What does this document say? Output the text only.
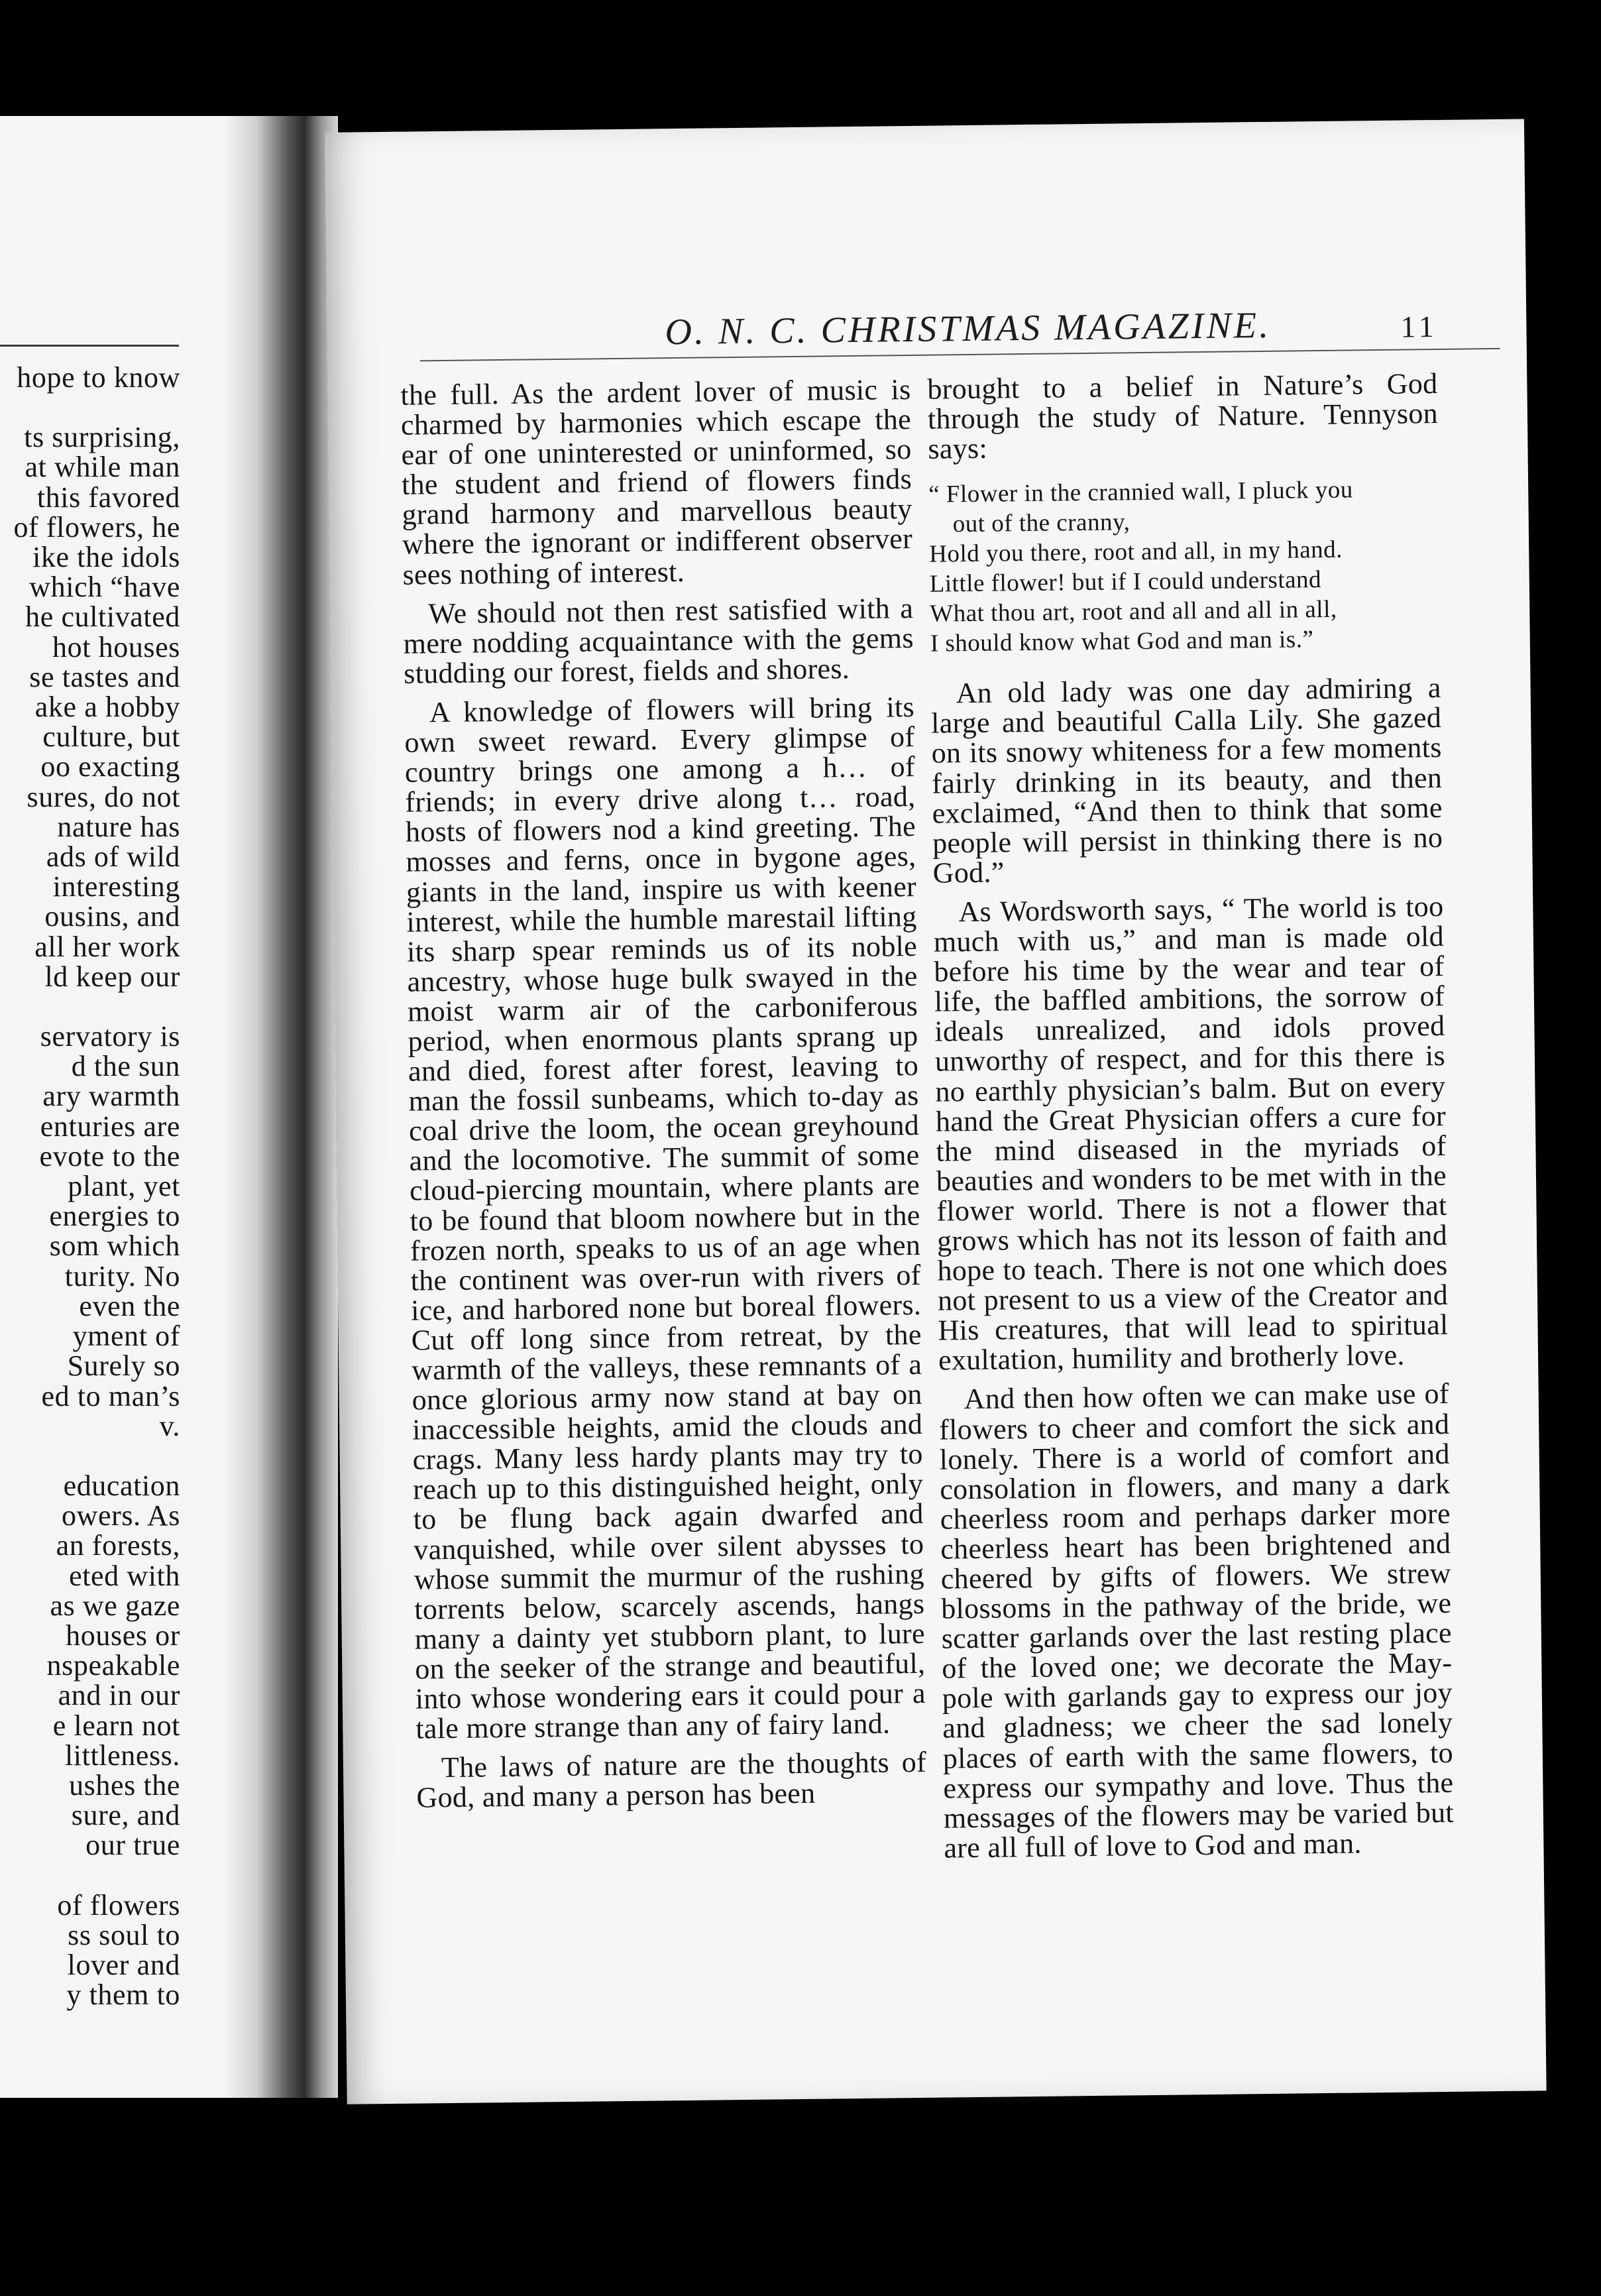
hope to know
ts surprising,
at while man
this favored
of flowers, he
ike the idols
which “have
he cultivated
hot houses
se tastes and
ake a hobby
culture, but
oo exacting
sures, do not
nature has
ads of wild
interesting
ousins, and
all her work
ld keep our
servatory is
d the sun
ary warmth
enturies are
evote to the
plant, yet
energies to
som which
turity. No
even the
yment of
Surely so
ed to man’s
v.
education
owers. As
an forests,
eted with
as we gaze
houses or
nspeakable
and in our
e learn not
littleness.
ushes the
sure, and
our true
of flowers
ss soul to
lover and
y them to
O. N. C. CHRISTMAS MAGAZINE.	11

the full. As the ardent lover of music is charmed by harmonies which escape the ear of one uninterested or uninformed, so the student and friend of flowers finds grand harmony and marvellous beauty where the ignorant or indifferent observer sees nothing of interest.

We should not then rest satisfied with a mere nodding acquaintance with the gems studding our forest, fields and shores.

A knowledge of flowers will bring its own sweet reward. Every glimpse of country brings one among a h… of friends; in every drive along t… road, hosts of flowers nod a kind greeting. The mosses and ferns, once in bygone ages, giants in the land, inspire us with keener interest, while the humble marestail lifting its sharp spear reminds us of its noble ancestry, whose huge bulk swayed in the moist warm air of the carboniferous period, when enormous plants sprang up and died, forest after forest, leaving to man the fossil sunbeams, which to-day as coal drive the loom, the ocean greyhound and the locomotive. The summit of some cloud-piercing mountain, where plants are to be found that bloom nowhere but in the frozen north, speaks to us of an age when the continent was over-run with rivers of ice, and harbored none but boreal flowers. Cut off long since from retreat, by the warmth of the valleys, these remnants of a once glorious army now stand at bay on inaccessible heights, amid the clouds and crags. Many less hardy plants may try to reach up to this distinguished height, only to be flung back again dwarfed and vanquished, while over silent abysses to whose summit the murmur of the rushing torrents below, scarcely ascends, hangs many a dainty yet stubborn plant, to lure on the seeker of the strange and beautiful, into whose wondering ears it could pour a tale more strange than any of fairy land.

The laws of nature are the thoughts of God, and many a person has been

brought to a belief in Nature’s God through the study of Nature. Tennyson says:

“ Flower in the crannied wall, I pluck you
out of the cranny,
Hold you there, root and all, in my hand.
Little flower! but if I could understand
What thou art, root and all and all in all,
I should know what God and man is.”

An old lady was one day admiring a large and beautiful Calla Lily. She gazed on its snowy whiteness for a few moments fairly drinking in its beauty, and then exclaimed, “And then to think that some people will persist in thinking there is no God.”

As Wordsworth says, “ The world is too much with us,” and man is made old before his time by the wear and tear of life, the baffled ambitions, the sorrow of ideals unrealized, and idols proved unworthy of respect, and for this there is no earthly physician’s balm. But on every hand the Great Physician offers a cure for the mind diseased in the myriads of beauties and wonders to be met with in the flower world. There is not a flower that grows which has not its lesson of faith and hope to teach. There is not one which does not present to us a view of the Creator and His creatures, that will lead to spiritual exultation, humility and brotherly love.

And then how often we can make use of flowers to cheer and comfort the sick and lonely. There is a world of comfort and consolation in flowers, and many a dark cheerless room and perhaps darker more cheerless heart has been brightened and cheered by gifts of flowers. We strew blossoms in the pathway of the bride, we scatter garlands over the last resting place of the loved one; we decorate the May-pole with garlands gay to express our joy and gladness; we cheer the sad lonely places of earth with the same flowers, to express our sympathy and love. Thus the messages of the flowers may be varied but are all full of love to God and man.
